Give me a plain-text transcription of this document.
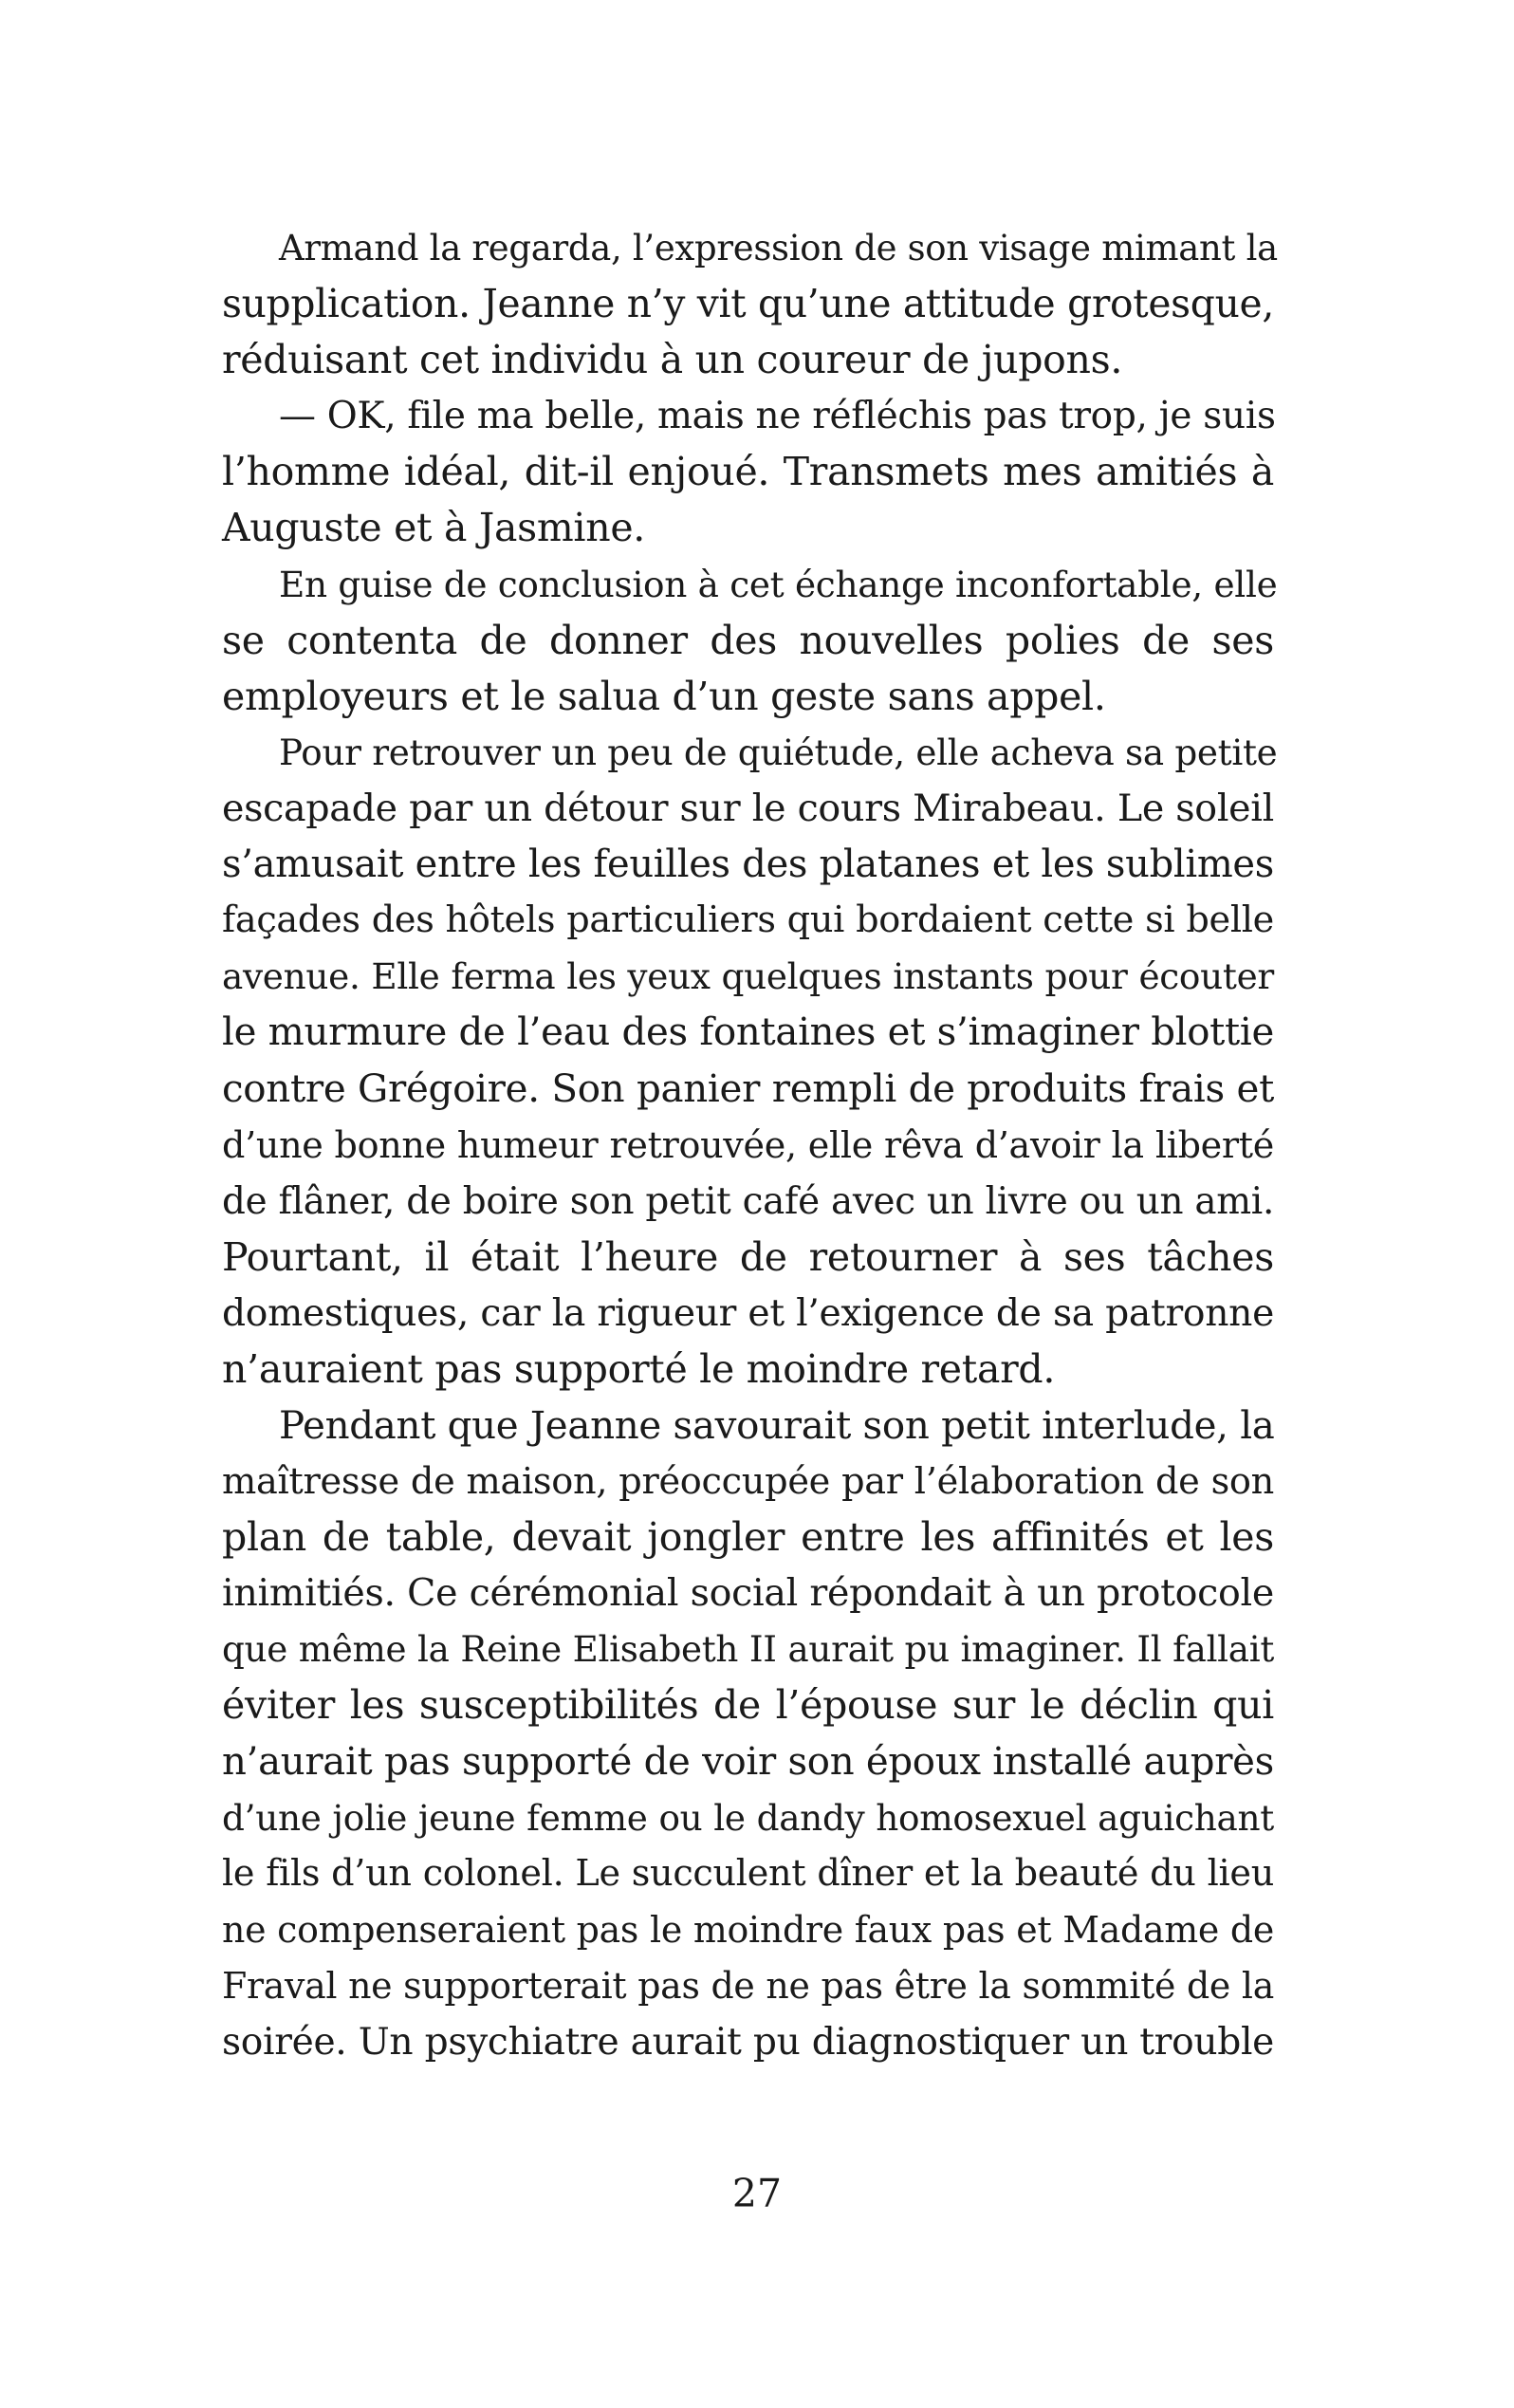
Armand la regarda, l’expression de son visage mimant la
supplication. Jeanne n’y vit qu’une attitude grotesque,
réduisant cet individu à un coureur de jupons.
— OK, file ma belle, mais ne réfléchis pas trop, je suis
l’homme idéal, dit-il enjoué. Transmets mes amitiés à
Auguste et à Jasmine.
En guise de conclusion à cet échange inconfortable, elle
se contenta de donner des nouvelles polies de ses
employeurs et le salua d’un geste sans appel.
Pour retrouver un peu de quiétude, elle acheva sa petite
escapade par un détour sur le cours Mirabeau. Le soleil
s’amusait entre les feuilles des platanes et les sublimes
façades des hôtels particuliers qui bordaient cette si belle
avenue. Elle ferma les yeux quelques instants pour écouter
le murmure de l’eau des fontaines et s’imaginer blottie
contre Grégoire. Son panier rempli de produits frais et
d’une bonne humeur retrouvée, elle rêva d’avoir la liberté
de flâner, de boire son petit café avec un livre ou un ami.
Pourtant, il était l’heure de retourner à ses tâches
domestiques, car la rigueur et l’exigence de sa patronne
n’auraient pas supporté le moindre retard.
Pendant que Jeanne savourait son petit interlude, la
maîtresse de maison, préoccupée par l’élaboration de son
plan de table, devait jongler entre les affinités et les
inimitiés. Ce cérémonial social répondait à un protocole
que même la Reine Elisabeth II aurait pu imaginer. Il fallait
éviter les susceptibilités de l’épouse sur le déclin qui
n’aurait pas supporté de voir son époux installé auprès
d’une jolie jeune femme ou le dandy homosexuel aguichant
le fils d’un colonel. Le succulent dîner et la beauté du lieu
ne compenseraient pas le moindre faux pas et Madame de
Fraval ne supporterait pas de ne pas être la sommité de la
soirée. Un psychiatre aurait pu diagnostiquer un trouble
27
